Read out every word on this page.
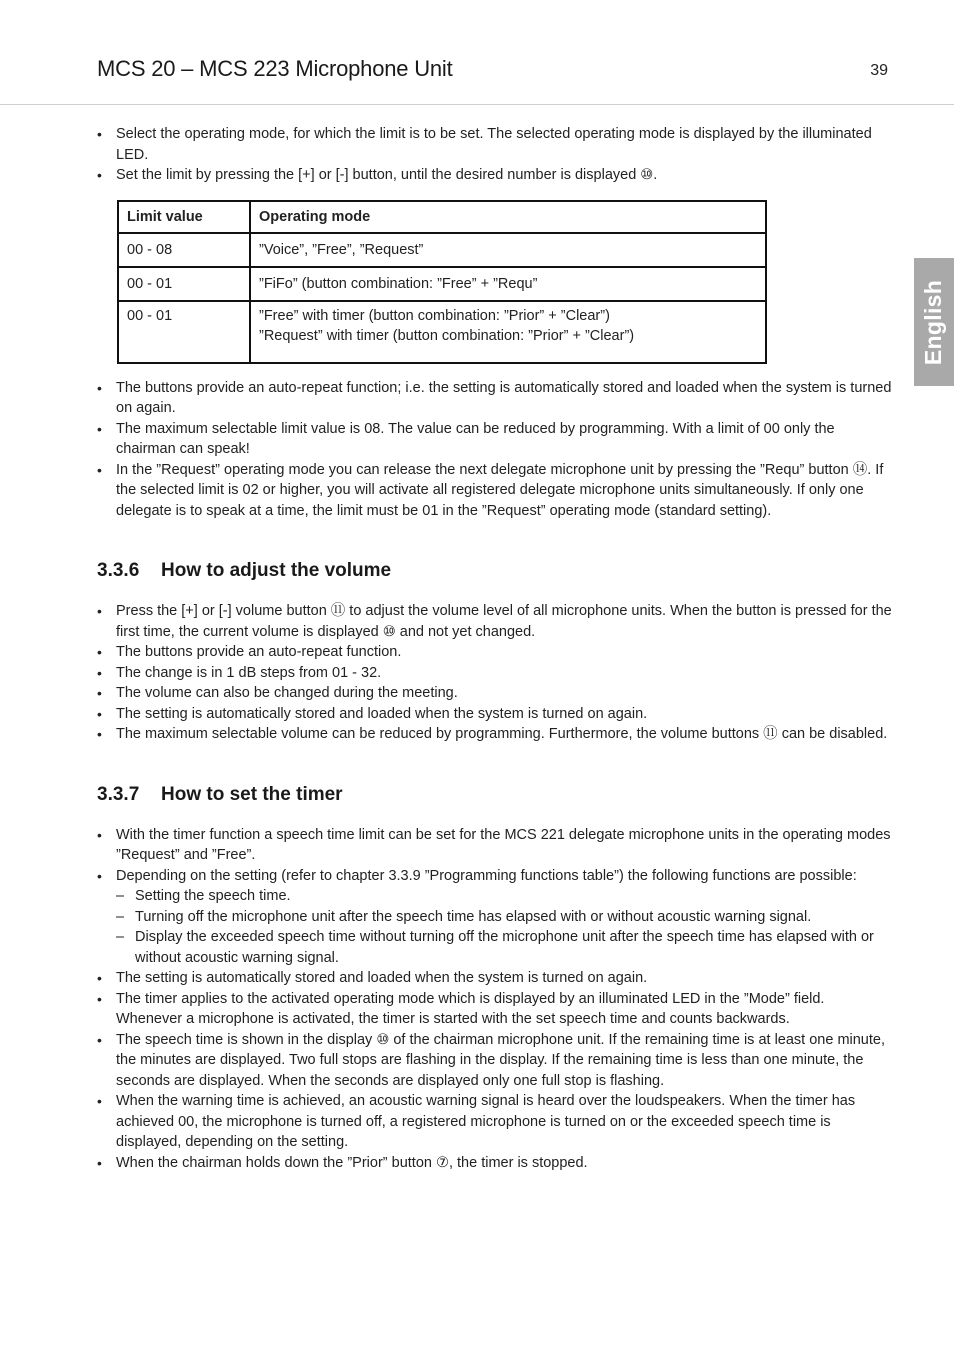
MCS 20 – MCS 223 Microphone Unit	39
English
• Select the operating mode, for which the limit is to be set. The selected operating mode is displayed by the illuminated LED.
• Set the limit by pressing the [+] or [-] button, until the desired number is displayed ⑩.
Limit value	Operating mode
00 - 08	”Voice”, ”Free”, ”Request”
00 - 01	”FiFo” (button combination: ”Free” + ”Requ”
00 - 01	”Free” with timer (button combination: ”Prior” + ”Clear”)
”Request” with timer (button combination: ”Prior” + ”Clear”)
• The buttons provide an auto-repeat function; i.e. the setting is automatically stored and loaded when the system is turned on again.
• The maximum selectable limit value is 08. The value can be reduced by programming. With a limit of 00 only the chairman can speak!
• In the ”Request” operating mode you can release the next delegate microphone unit by pressing the ”Requ” button ⑭. If the selected limit is 02 or higher, you will activate all registered delegate microphone units simultaneously. If only one delegate is to speak at a time, the limit must be 01 in the ”Request” operating mode (standard setting).
3.3.6 How to adjust the volume
• Press the [+] or [-] volume button ⑪ to adjust the volume level of all microphone units. When the button is pressed for the first time, the current volume is displayed ⑩ and not yet changed.
• The buttons provide an auto-repeat function.
• The change is in 1 dB steps from 01 - 32.
• The volume can also be changed during the meeting.
• The setting is automatically stored and loaded when the system is turned on again.
• The maximum selectable volume can be reduced by programming. Furthermore, the volume buttons ⑪ can be disabled.
3.3.7 How to set the timer
• With the timer function a speech time limit can be set for the MCS 221 delegate microphone units in the operating modes ”Request” and ”Free”.
• Depending on the setting (refer to chapter 3.3.9 ”Programming functions table”) the following functions are possible:
– Setting the speech time.
– Turning off the microphone unit after the speech time has elapsed with or without acoustic warning signal.
– Display the exceeded speech time without turning off the microphone unit after the speech time has elapsed with or without acoustic warning signal.
• The setting is automatically stored and loaded when the system is turned on again.
• The timer applies to the activated operating mode which is displayed by an illuminated LED in the ”Mode” field. Whenever a microphone is activated, the timer is started with the set speech time and counts backwards.
• The speech time is shown in the display ⑩ of the chairman microphone unit. If the remaining time is at least one minute, the minutes are displayed. Two full stops are flashing in the display. If the remaining time is less than one minute, the seconds are displayed. When the seconds are displayed only one full stop is flashing.
• When the warning time is achieved, an acoustic warning signal is heard over the loudspeakers. When the timer has achieved 00, the microphone is turned off, a registered microphone is turned on or the exceeded speech time is displayed, depending on the setting.
• When the chairman holds down the ”Prior” button ⑦, the timer is stopped.
